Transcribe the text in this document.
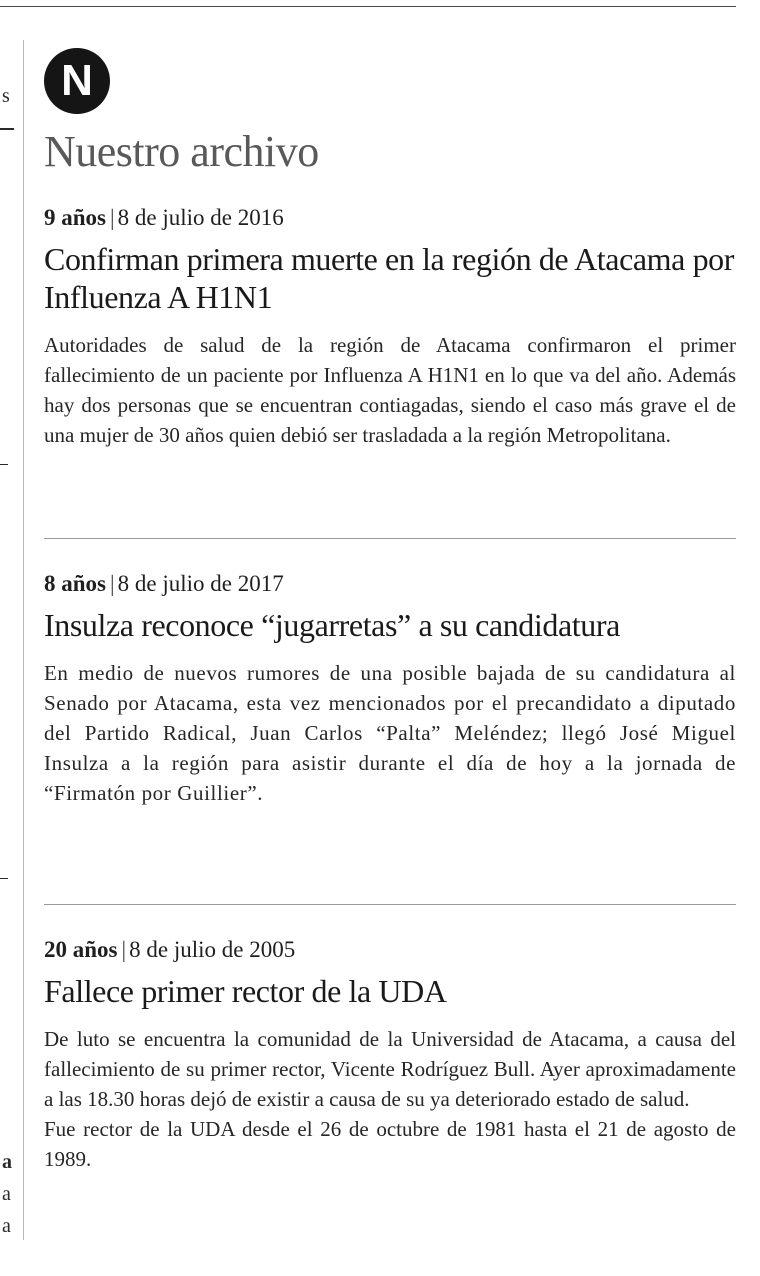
s
a
a
a
N
Nuestro archivo
9 años | 8 de julio de 2016
Confirman primera muerte en la región de Atacama por Influenza A H1N1

Autoridades de salud de la región de Atacama confirmaron el primer fallecimiento de un paciente por Influenza A H1N1 en lo que va del año. Además hay dos personas que se encuentran contiagadas, siendo el caso más grave el de una mujer de 30 años quien debió ser trasladada a la región Metropolitana.

8 años | 8 de julio de 2017
Insulza reconoce “jugarretas” a su candidatura

En medio de nuevos rumores de una posible bajada de su candidatura al Senado por Atacama, esta vez mencionados por el precandidato a diputado del Partido Radical, Juan Carlos “Palta” Meléndez; llegó José Miguel Insulza a la región para asistir durante el día de hoy a la jornada de “Firmatón por Guillier”.

20 años | 8 de julio de 2005
Fallece primer rector de la UDA

De luto se encuentra la comunidad de la Universidad de Atacama, a causa del fallecimiento de su primer rector, Vicente Rodríguez Bull. Ayer aproximadamente a las 18.30 horas dejó de existir a causa de su ya deteriorado estado de salud.

Fue rector de la UDA desde el 26 de octubre de 1981 hasta el 21 de agosto de 1989.
